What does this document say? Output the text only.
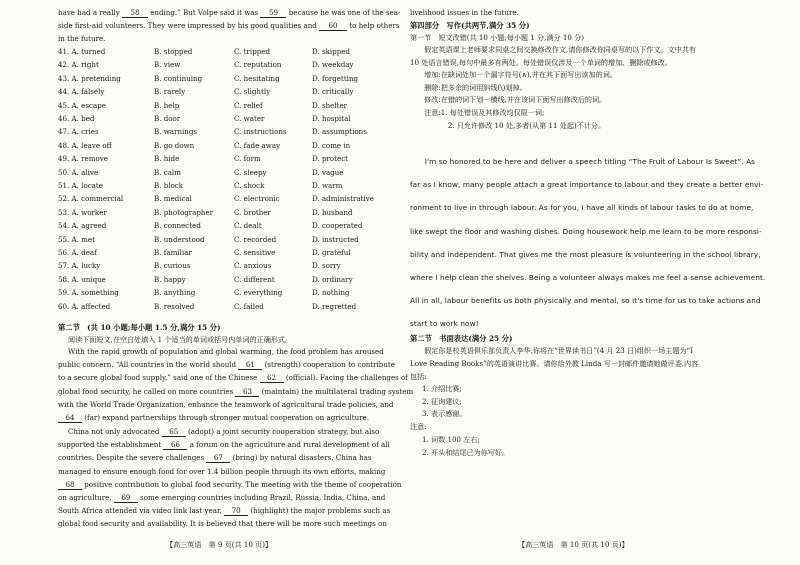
have had a really 58 ending.” But Volpe said it was 59 because he was one of the sea-
side first-aid volunteers. They were impressed by his good qualities and 60 to help others
in the future.
41. A. turned	B. stopped	C. tripped	D. skipped
42. A. right	B. view	C. reputation	D. weekday
43. A. pretending	B. continuing	C. hesitating	D. forgetting
44. A. falsely	B. rarely	C. slightly	D. critically
45. A. escape	B. help	C. relief	D. shelter
46. A. bed	B. door	C. water	D. hospital
47. A. cries	B. warnings	C. instructions	D. assumptions
48. A. leave off	B. go down	C. fade away	D. come in
49. A. remove	B. hide	C. form	D. protect
50. A. alive	B. calm	C. sleepy	D. vague
51. A. locate	B. block	C. shock	D. warm
52. A. commercial	B. medical	C. electronic	D. administrative
53. A. worker	B. photographer	C. brother	D. husband
54. A. agreed	B. connected	C. dealt	D. cooperated
55. A. met	B. understood	C. recorded	D. instructed
56. A. deaf	B. familiar	C. sensitive	D. grateful
57. A. lucky	B. curious	C. anxious	D. sorry
58. A. unique	B. happy	C. different	D. ordinary
59. A. something	B. anything	C. everything	D. nothing
60. A. affected	B. resolved	C. failed	D. regretted
第二节　(共 10 小题;每小题 1.5 分,满分 15 分)
阅读下面短文,在空白处填入 1 个适当的单词或括号内单词的正确形式。
With the rapid growth of population and global warming, the food problem has aroused
public concern. “All countries in the world should 61 (strength) cooperation to contribute
to a secure global food supply,” said one of the Chinese 62 (official). Facing the challenges of
global food security, he called on more countries 63 (maintain) the multilateral trading system
with the World Trade Organization, enhance the teamwork of agricultural trade policies, and
64 (far) expand partnerships through stronger mutual cooperation on agriculture.
China not only advocated 65 (adopt) a joint security cooperation strategy, but also
supported the establishment 66 a forum on the agriculture and rural development of all
countries. Despite the severe challenges 67 (bring) by natural disasters, China has
managed to ensure enough food for over 1.4 billion people through its own efforts, making
68 positive contribution to global food security. The meeting with the theme of cooperation
on agriculture, 69 some emerging countries including Brazil, Russia, India, China, and
South Africa attended via video link last year, 70 (highlight) the major problems such as
global food security and availability. It is believed that there will be more such meetings on
【高三英语　第 9 页(共 10 页)】
livelihood issues in the future.
第四部分　写作(共两节,满分 35 分)
第一节　短文改错(共 10 小题;每小题 1 分,满分 10 分)
　　假定英语课上老师要求同桌之间交换修改作文,请你修改你同桌写的以下作文。文中共有
10 处语言错误,每句中最多有两处。每处错误仅涉及一个单词的增加、删除或修改。
　　增加:在缺词处加一个漏字符号(∧),并在其下面写出该加的词。
　　删除:把多余的词用斜线(\)划掉。
　　修改:在错的词下划一横线,并在该词下面写出修改后的词。
　　注意:1. 每处错误及其修改均仅限一词;
　　　　　 2. 只允许修改 10 处,多者(从第 11 处起)不计分。
　　I'm so honored to be here and deliver a speech titling “The Fruit of Labour Is Sweet”. As
far as I know, many people attach a great importance to labour and they create a better envi-
ronment to live in through labour. As for you, I have all kinds of labour tasks to do at home,
like swept the floor and washing dishes. Doing housework help me learn to be more responsi-
bility and independent. That gives me the most pleasure is volunteering in the school library,
where I help clean the shelves. Being a volunteer always makes me feel a sense achievement.
All in all, labour benefits us both physically and mental, so it's time for us to take actions and
start to work now!
第二节　书面表达(满分 25 分)
　　假定你是校英语俱乐部负责人李华,你将在“世界读书日”(4 月 23 日)组织一场主题为“I
Love Reading Books”的英语演讲比赛。请你给外教 Linda 写一封邮件邀请她做评委,内容
包括:
1. 介绍比赛;
2. 征询建议;
3. 表示感谢。
注意:
1. 词数 100 左右;
2. 开头和结尾已为你写好。
【高三英语　第 10 页(共 10 页)】
